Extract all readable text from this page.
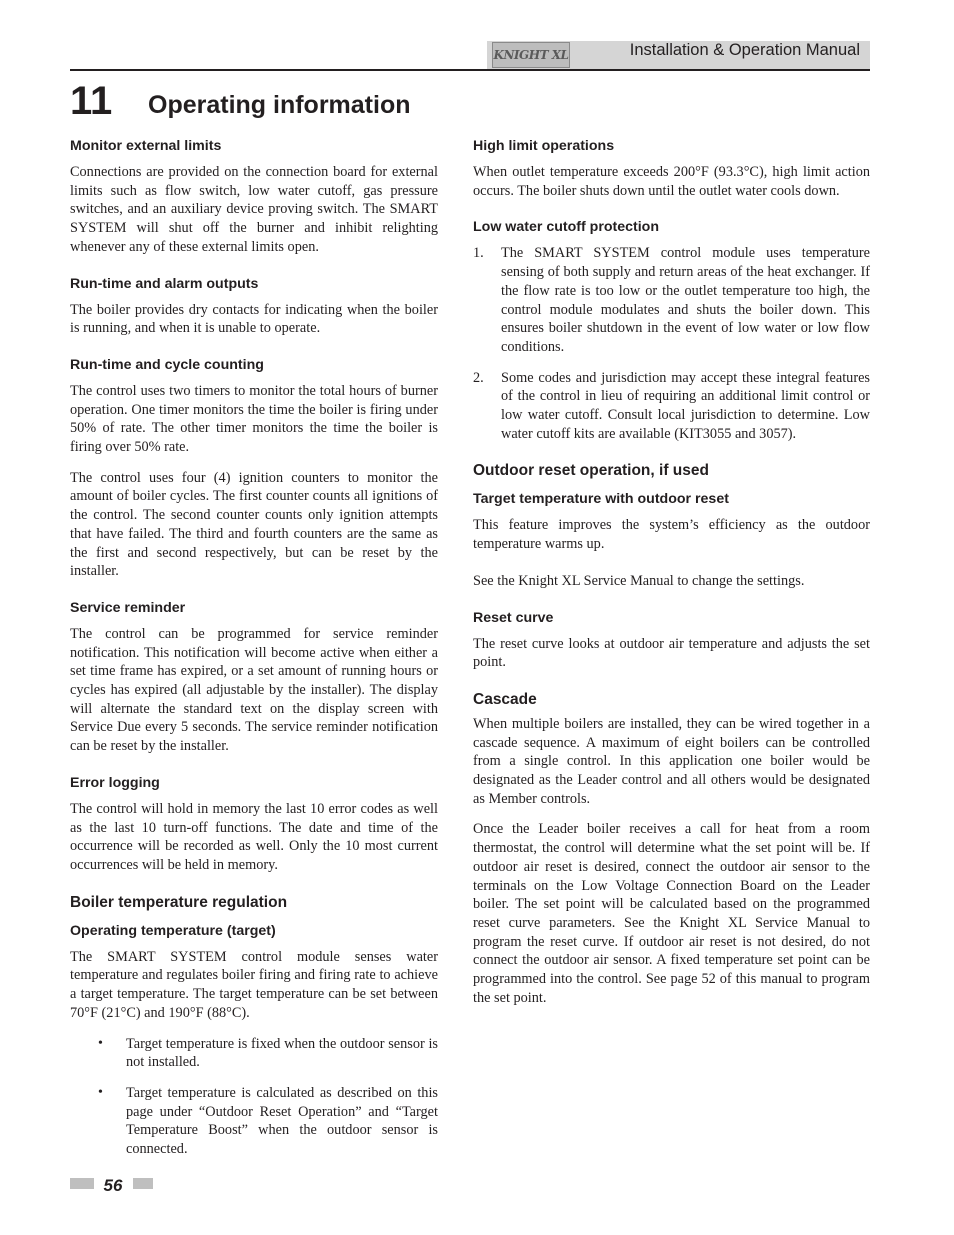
KNIGHT XL	Installation & Operation Manual
11 Operating information
Monitor external limits

Connections are provided on the connection board for external limits such as flow switch, low water cutoff, gas pressure switches, and an auxiliary device proving switch. The SMART SYSTEM will shut off the burner and inhibit relighting whenever any of these external limits open.

Run-time and alarm outputs

The boiler provides dry contacts for indicating when the boiler is running, and when it is unable to operate.

Run-time and cycle counting

The control uses two timers to monitor the total hours of burner operation. One timer monitors the time the boiler is firing under 50% of rate. The other timer monitors the time the boiler is firing over 50% rate.

The control uses four (4) ignition counters to monitor the amount of boiler cycles. The first counter counts all ignitions of the control. The second counter counts only ignition attempts that have failed. The third and fourth counters are the same as the first and second respectively, but can be reset by the installer.

Service reminder

The control can be programmed for service reminder notification. This notification will become active when either a set time frame has expired, or a set amount of running hours or cycles has expired (all adjustable by the installer). The display will alternate the standard text on the display screen with Service Due every 5 seconds. The service reminder notification can be reset by the installer.

Error logging

The control will hold in memory the last 10 error codes as well as the last 10 turn-off functions. The date and time of the occurrence will be recorded as well. Only the 10 most current occurrences will be held in memory.

Boiler temperature regulation
Operating temperature (target)

The SMART SYSTEM control module senses water temperature and regulates boiler firing and firing rate to achieve a target temperature. The target temperature can be set between 70°F (21°C) and 190°F (88°C).

• Target temperature is fixed when the outdoor sensor is not installed.

• Target temperature is calculated as described on this page under “Outdoor Reset Operation” and “Target Temperature Boost” when the outdoor sensor is connected.

High limit operations

When outlet temperature exceeds 200°F (93.3°C), high limit action occurs. The boiler shuts down until the outlet water cools down.

Low water cutoff protection
1. The SMART SYSTEM control module uses temperature sensing of both supply and return areas of the heat exchanger. If the flow rate is too low or the outlet temperature too high, the control module modulates and shuts the boiler down. This ensures boiler shutdown in the event of low water or low flow conditions.

2. Some codes and jurisdiction may accept these integral features of the control in lieu of requiring an additional limit control or low water cutoff. Consult local jurisdiction to determine. Low water cutoff kits are available (KIT3055 and 3057).

Outdoor reset operation, if used
Target temperature with outdoor reset

This feature improves the system’s efficiency as the outdoor temperature warms up.

See the Knight XL Service Manual to change the settings.

Reset curve

The reset curve looks at outdoor air temperature and adjusts the set point.

Cascade

When multiple boilers are installed, they can be wired together in a cascade sequence. A maximum of eight boilers can be controlled from a single control. In this application one boiler would be designated as the Leader control and all others would be designated as Member controls.

Once the Leader boiler receives a call for heat from a room thermostat, the control will determine what the set point will be. If outdoor air reset is desired, connect the outdoor air sensor to the terminals on the Low Voltage Connection Board on the Leader boiler. The set point will be calculated based on the programmed reset curve parameters. See the Knight XL Service Manual to program the reset curve. If outdoor air reset is not desired, do not connect the outdoor air sensor. A fixed temperature set point can be programmed into the control. See page 52 of this manual to program the set point.

56
